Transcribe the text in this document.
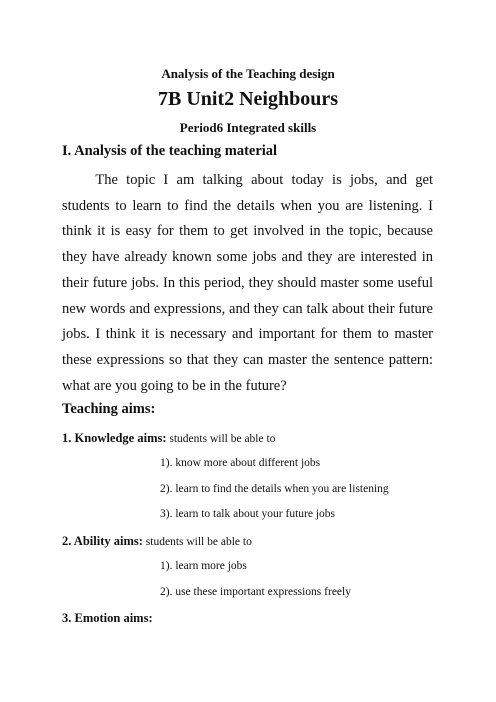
Analysis of the Teaching design
7B Unit2 Neighbours
Period6 Integrated skills
I. Analysis of the teaching material

The topic I am talking about today is jobs, and get students to learn to find the details when you are listening. I think it is easy for them to get involved in the topic, because they have already known some jobs and they are interested in their future jobs. In this period, they should master some useful new words and expressions, and they can talk about their future jobs. I think it is necessary and important for them to master these expressions so that they can master the sentence pattern: what are you going to be in the future?

Teaching aims:
1. Knowledge aims: students will be able to
1). know more about different jobs
2). learn to find the details when you are listening
3). learn to talk about your future jobs
2. Ability aims: students will be able to
1). learn more jobs
2). use these important expressions freely
3. Emotion aims:
